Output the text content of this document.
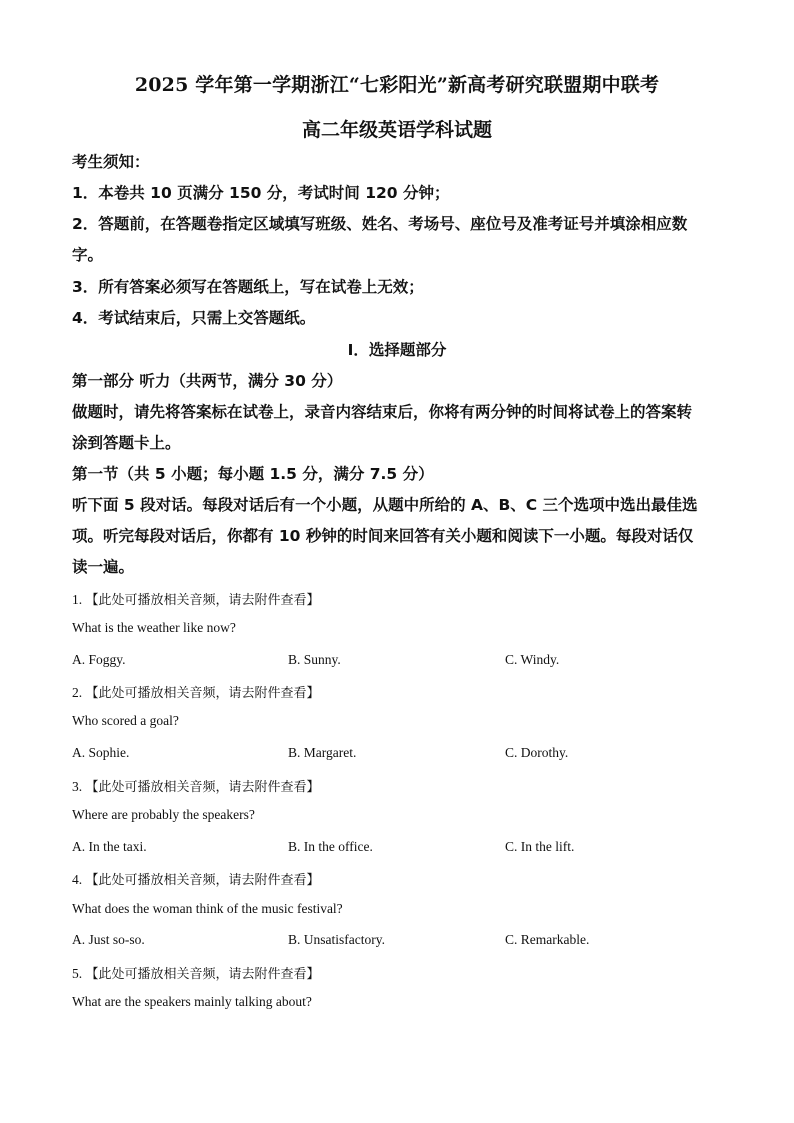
2025 学年第一学期浙江“七彩阳光”新高考研究联盟期中联考
高二年级英语学科试题
考生须知：
1．本卷共 10 页满分 150 分，考试时间 120 分钟；
2．答题前，在答题卷指定区域填写班级、姓名、考场号、座位号及准考证号并填涂相应数
字。
3．所有答案必须写在答题纸上，写在试卷上无效；
4．考试结束后，只需上交答题纸。
Ⅰ．选择题部分
第一部分 听力（共两节，满分 30 分）
做题时，请先将答案标在试卷上，录音内容结束后，你将有两分钟的时间将试卷上的答案转
涂到答题卡上。
第一节（共 5 小题；每小题 1.5 分，满分 7.5 分）
听下面 5 段对话。每段对话后有一个小题，从题中所给的 A、B、C 三个选项中选出最佳选
项。听完每段对话后，你都有 10 秒钟的时间来回答有关小题和阅读下一小题。每段对话仅
读一遍。
1. 【此处可播放相关音频，请去附件查看】
What is the weather like now?
A. Foggy.	B. Sunny.	C. Windy.
2. 【此处可播放相关音频，请去附件查看】
Who scored a goal?
A. Sophie.	B. Margaret.	C. Dorothy.
3. 【此处可播放相关音频，请去附件查看】
Where are probably the speakers?
A. In the taxi.	B. In the office.	C. In the lift.
4. 【此处可播放相关音频，请去附件查看】
What does the woman think of the music festival?
A. Just so-so.	B. Unsatisfactory.	C. Remarkable.
5. 【此处可播放相关音频，请去附件查看】
What are the speakers mainly talking about?
